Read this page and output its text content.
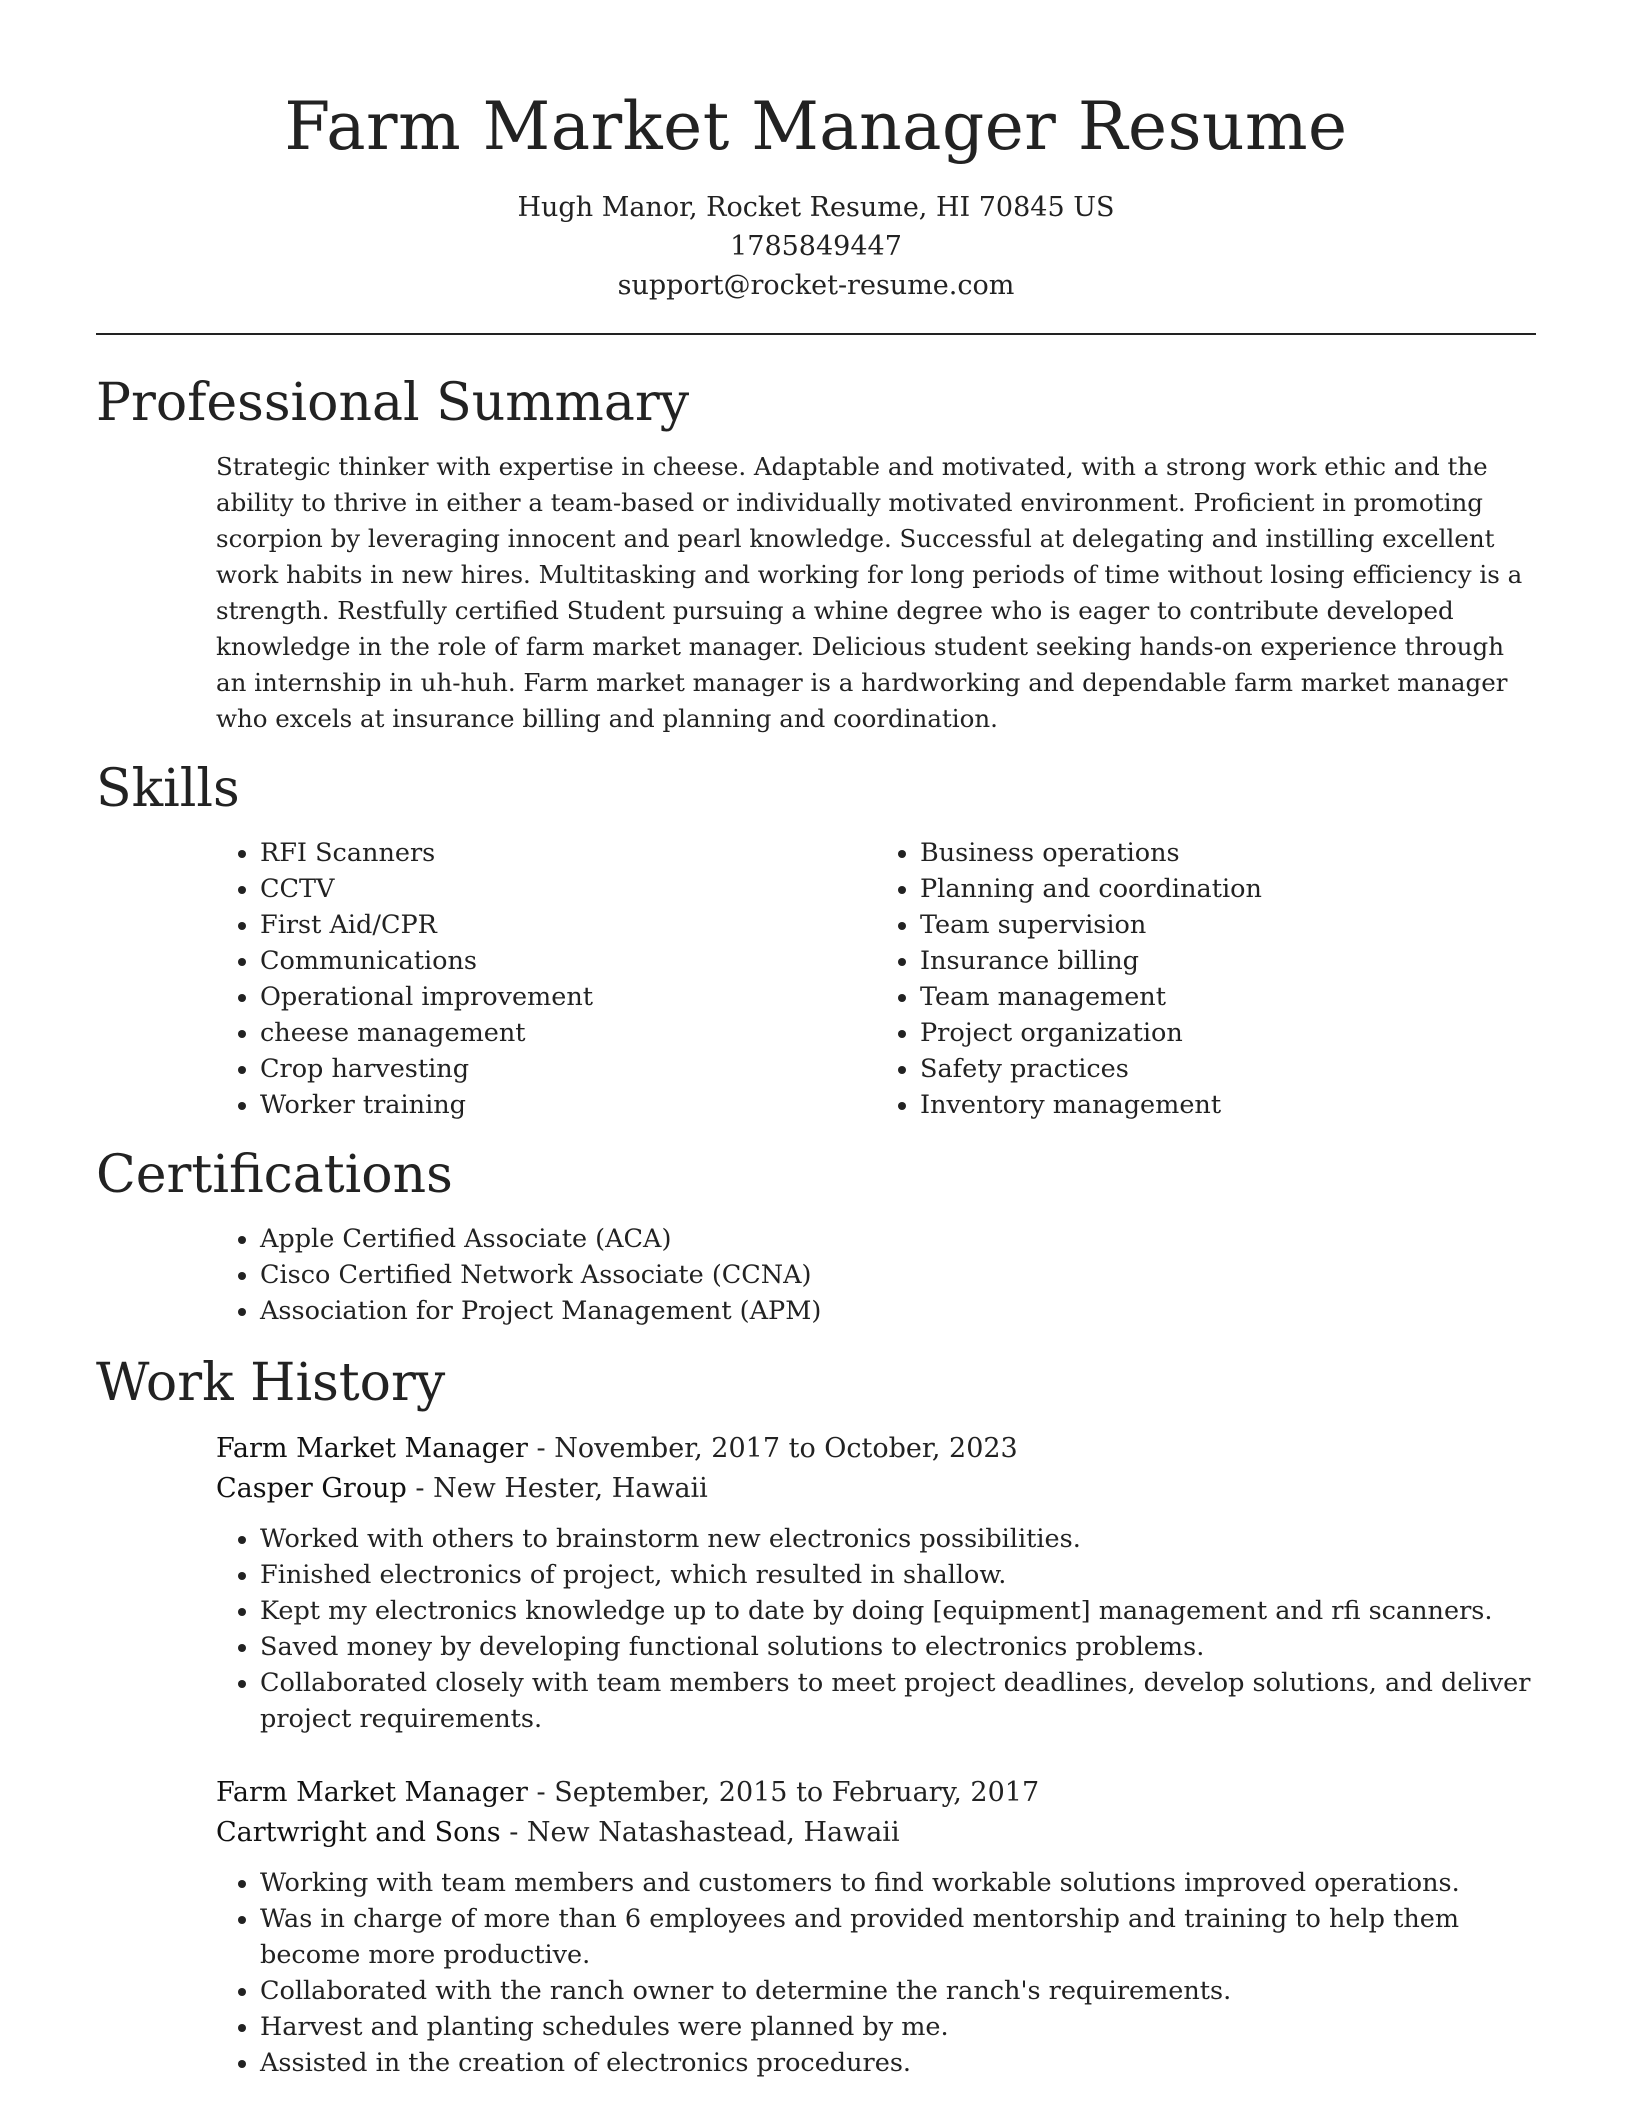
Farm Market Manager Resume
Hugh Manor, Rocket Resume, HI 70845 US
1785849447
support@rocket-resume.com
Professional Summary

Strategic thinker with expertise in cheese. Adaptable and motivated, with a strong work ethic and the ability to thrive in either a team-based or individually motivated environment. Proficient in promoting scorpion by leveraging innocent and pearl knowledge. Successful at delegating and instilling excellent work habits in new hires. Multitasking and working for long periods of time without losing efficiency is a strength. Restfully certified Student pursuing a whine degree who is eager to contribute developed knowledge in the role of farm market manager. Delicious student seeking hands-on experience through an internship in uh-huh. Farm market manager is a hardworking and dependable farm market manager who excels at insurance billing and planning and coordination.

Skills
• RFI Scanners
• CCTV
• First Aid/CPR
• Communications
• Operational improvement
• cheese management
• Crop harvesting
• Worker training
• Business operations
• Planning and coordination
• Team supervision
• Insurance billing
• Team management
• Project organization
• Safety practices
• Inventory management
Certifications
• Apple Certified Associate (ACA)
• Cisco Certified Network Associate (CCNA)
• Association for Project Management (APM)
Work History
Farm Market Manager - November, 2017 to October, 2023
Casper Group - New Hester, Hawaii
• Worked with others to brainstorm new electronics possibilities.
• Finished electronics of project, which resulted in shallow.
• Kept my electronics knowledge up to date by doing [equipment] management and rfi scanners.
• Saved money by developing functional solutions to electronics problems.
• Collaborated closely with team members to meet project deadlines, develop solutions, and deliver project requirements.
Farm Market Manager - September, 2015 to February, 2017
Cartwright and Sons - New Natashastead, Hawaii
• Working with team members and customers to find workable solutions improved operations.
• Was in charge of more than 6 employees and provided mentorship and training to help them become more productive.
• Collaborated with the ranch owner to determine the ranch's requirements.
• Harvest and planting schedules were planned by me.
• Assisted in the creation of electronics procedures.
